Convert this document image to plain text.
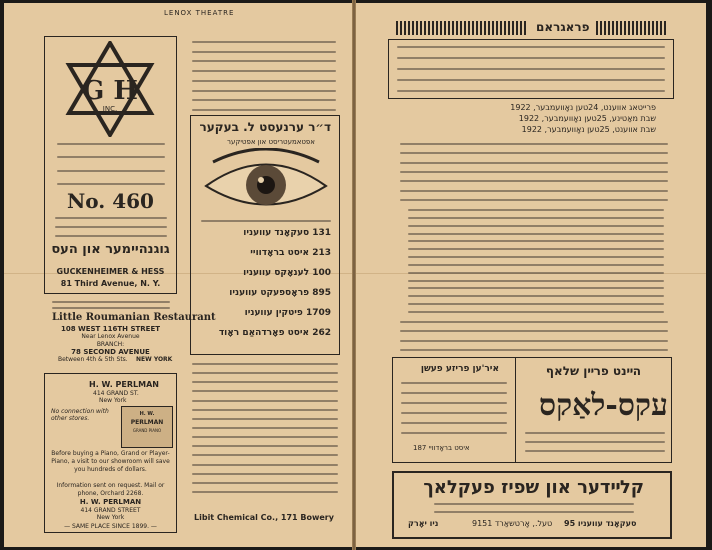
LENOX THEATRE
G H
INC.
No. 460
גוגנהיימער און העס
GUCKENHEIMER & HESS
81 Third Avenue, N. Y.
Little Roumanian Restaurant
108 WEST 116TH STREET
Near Lenox Avenue
BRANCH:
78 SECOND AVENUE
Between 4th & 5th Sts. NEW YORK
H. W. PERLMAN
414 GRAND ST.
New York
No connection with other stores.
H. W.
PERLMAN
GRAND PIANO
Before buying a Piano, Grand or Player-Piano, a visit to our showroom will save you hundreds of dollars.
Information sent on request. Mail or phone, Orchard 2268.
H. W. PERLMAN
414 GRAND STREET
New York
— SAME PLACE SINCE 1899. —
ד״ר ערנעסט ל. בעקער
אפטאמעטריסט און אפטיקער
131 סעקאָנד עוועניו
213 איסט בראָדוויי
100 לענאָקס עוועניו
895 פראָספעקט עוועניו
1709 פיטקין עוועניו
262 איסט פאָרדהאַם ראָוד
Libit Chemical Co., 171 Bowery
פראגראם
פרייטאג אווענט, 24טען נאָוועמבער, 1922
שבת מאַטינע, 25טען נאָוועמבער, 1922
שבת אווענט, 25טען נאָוועמבער, 1922
הײנט פרײן שלאף
עקס-לאַקס
איר'ען פריזע פעשן
187 איסט בראָדוויי
קלײדער און שפיז פעקלאך
95 סעקאָנד עוועניו
טעל., אָרטשאַרד 9151
ניו יאָרק
